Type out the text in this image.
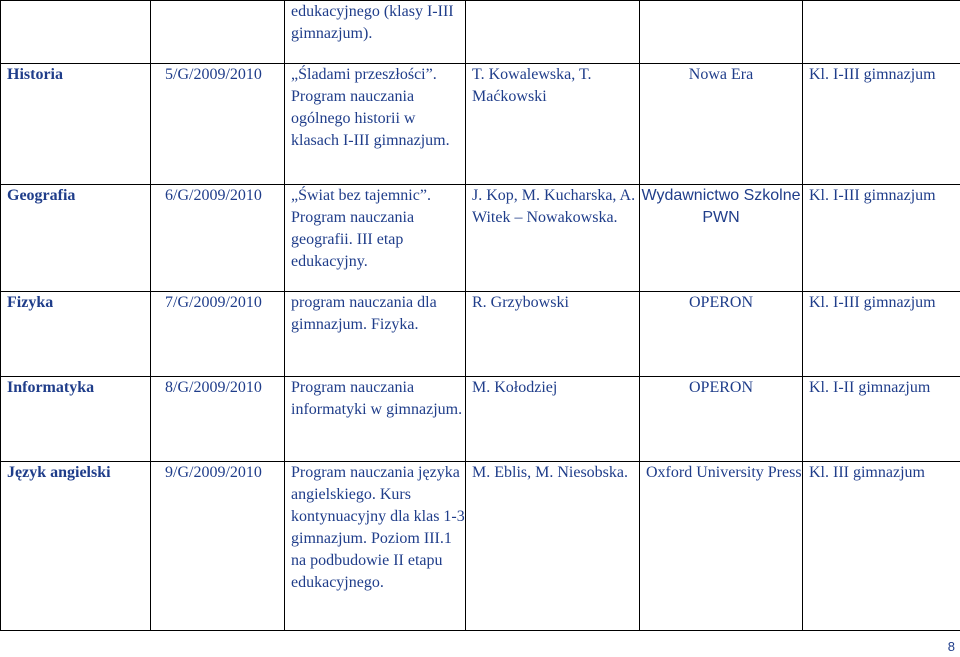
		edukacyjnego (klasy I-III gimnazjum).			
Historia	5/G/2009/2010	„Śladami przeszłości”. Program nauczania ogólnego historii w klasach I-III gimnazjum.	T. Kowalewska, T. Maćkowski	Nowa Era	Kl. I-III gimnazjum
Geografia	6/G/2009/2010	„Świat bez tajemnic”. Program nauczania geografii. III etap edukacyjny.	J. Kop, M. Kucharska, A. Witek – Nowakowska.	Wydawnictwo Szkolne PWN	Kl. I-III gimnazjum
Fizyka	7/G/2009/2010	program nauczania dla gimnazjum. Fizyka.	R. Grzybowski	OPERON	Kl. I-III gimnazjum
Informatyka	8/G/2009/2010	Program nauczania informatyki w gimnazjum.	M. Kołodziej	OPERON	Kl. I-II gimnazjum
Język angielski	9/G/2009/2010	Program nauczania języka angielskiego. Kurs kontynuacyjny dla klas 1-3 gimnazjum. Poziom III.1 na podbudowie II etapu edukacyjnego.	M. Eblis, M. Niesobska.	Oxford University Press	Kl. III gimnazjum
8
